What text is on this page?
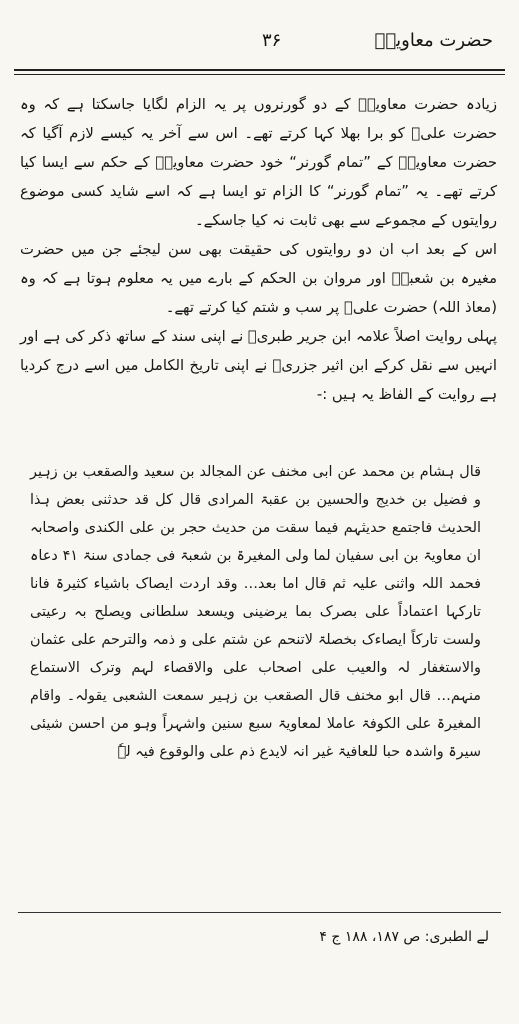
حضرت معاویہؓ
۳۶

زیادہ حضرت معاویہؓ کے دو گورنروں پر یہ الزام لگایا جاسکتا ہے کہ وہ حضرت علیؓ کو برا بھلا کہا کرتے تھے۔ اس سے آخر یہ کیسے لازم آگیا کہ حضرت معاویہؓ کے ”تمام گورنر“ خود حضرت معاویہؓ کے حکم سے ایسا کیا کرتے تھے۔ یہ ”تمام گورنر“ کا الزام تو ایسا ہے کہ اسے شاید کسی موضوع روایتوں کے مجموعے سے بھی ثابت نہ کیا جاسکے۔

اس کے بعد اب ان دو روایتوں کی حقیقت بھی سن لیجئے جن میں حضرت مغیرہ بن شعبہؓ اور مروان بن الحکم کے بارے میں یہ معلوم ہوتا ہے کہ وہ (معاذ اللہ) حضرت علیؓ پر سب و شتم کیا کرتے تھے۔

پہلی روایت اصلاً علامہ ابن جریر طبریؒ نے اپنی سند کے ساتھ ذکر کی ہے اور انہیں سے نقل کرکے ابن اثیر جزریؒ نے اپنی تاریخ الکامل میں اسے درج کردیا ہے روایت کے الفاظ یہ ہیں :-

قال ہشام بن محمد عن ابی مخنف عن المجالد بن سعید والصقعب بن زہیر و فضیل بن خدیج والحسین بن عقبۃ المرادی قال کل قد حدثنی بعض ہذا الحدیث فاجتمع حدیثہم فیما سقت من حدیث حجر بن علی الکندی واصحابہ ان معاویۃ بن ابی سفیان لما ولی المغیرۃ بن شعبۃ فی جمادی سنۃ ۴۱ دعاہ فحمد اللہ واثنی علیہ ثم قال اما بعد… وقد اردت ایصاک باشیاء کثیرۃ فانا تارکہا اعتماداً علی بصرک بما یرضینی ویسعد سلطانی ویصلح بہ رعیتی ولست تارکاً ایصاءک بخصلۃ لاتنحم عن شتم علی و ذمہ والترحم علی عثمان والاستغفار لہ والعیب علی اصحاب علی والاقصاء لہم وترک الاستماع منہم… قال ابو مخنف قال الصقعب بن زہیر سمعت الشعبی یقولہ۔ واقام المغیرۃ علی الکوفۃ عاملا لمعاویۃ سبع سنین واشہراً وہو من احسن شیئی سیرۃ واشدہ حبا للعافیۃ غیر انہ لایدع ذم علی والوقوع فیہ لہٗ
لے الطبری: ص ۱۸۷، ۱۸۸ ج ۴
